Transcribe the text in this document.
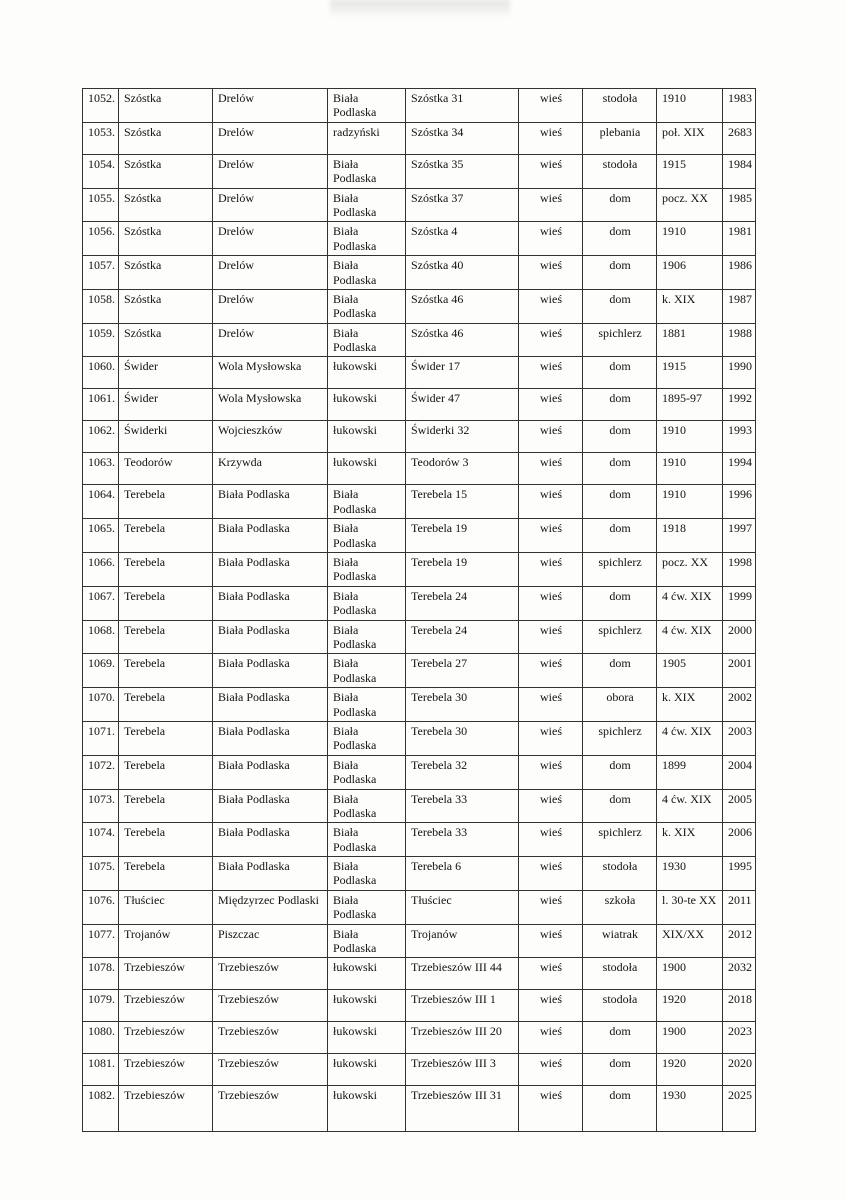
1052.	Szóstka	Drelów	Biała Podlaska	Szóstka 31	wieś	stodoła	1910	1983
1053.	Szóstka	Drelów	radzyński	Szóstka 34	wieś	plebania	poł. XIX	2683
1054.	Szóstka	Drelów	Biała Podlaska	Szóstka 35	wieś	stodoła	1915	1984
1055.	Szóstka	Drelów	Biała Podlaska	Szóstka 37	wieś	dom	pocz. XX	1985
1056.	Szóstka	Drelów	Biała Podlaska	Szóstka 4	wieś	dom	1910	1981
1057.	Szóstka	Drelów	Biała Podlaska	Szóstka 40	wieś	dom	1906	1986
1058.	Szóstka	Drelów	Biała Podlaska	Szóstka 46	wieś	dom	k. XIX	1987
1059.	Szóstka	Drelów	Biała Podlaska	Szóstka 46	wieś	spichlerz	1881	1988
1060.	Świder	Wola Mysłowska	łukowski	Świder 17	wieś	dom	1915	1990
1061.	Świder	Wola Mysłowska	łukowski	Świder 47	wieś	dom	1895-97	1992
1062.	Świderki	Wojcieszków	łukowski	Świderki 32	wieś	dom	1910	1993
1063.	Teodorów	Krzywda	łukowski	Teodorów 3	wieś	dom	1910	1994
1064.	Terebela	Biała Podlaska	Biała Podlaska	Terebela 15	wieś	dom	1910	1996
1065.	Terebela	Biała Podlaska	Biała Podlaska	Terebela 19	wieś	dom	1918	1997
1066.	Terebela	Biała Podlaska	Biała Podlaska	Terebela 19	wieś	spichlerz	pocz. XX	1998
1067.	Terebela	Biała Podlaska	Biała Podlaska	Terebela 24	wieś	dom	4 ćw. XIX	1999
1068.	Terebela	Biała Podlaska	Biała Podlaska	Terebela 24	wieś	spichlerz	4 ćw. XIX	2000
1069.	Terebela	Biała Podlaska	Biała Podlaska	Terebela 27	wieś	dom	1905	2001
1070.	Terebela	Biała Podlaska	Biała Podlaska	Terebela 30	wieś	obora	k. XIX	2002
1071.	Terebela	Biała Podlaska	Biała Podlaska	Terebela 30	wieś	spichlerz	4 ćw. XIX	2003
1072.	Terebela	Biała Podlaska	Biała Podlaska	Terebela 32	wieś	dom	1899	2004
1073.	Terebela	Biała Podlaska	Biała Podlaska	Terebela 33	wieś	dom	4 ćw. XIX	2005
1074.	Terebela	Biała Podlaska	Biała Podlaska	Terebela 33	wieś	spichlerz	k. XIX	2006
1075.	Terebela	Biała Podlaska	Biała Podlaska	Terebela 6	wieś	stodoła	1930	1995
1076.	Tłuściec	Międzyrzec Podlaski	Biała Podlaska	Tłuściec	wieś	szkoła	l. 30-te XX	2011
1077.	Trojanów	Piszczac	Biała Podlaska	Trojanów	wieś	wiatrak	XIX/XX	2012
1078.	Trzebieszów	Trzebieszów	łukowski	Trzebieszów III 44	wieś	stodoła	1900	2032
1079.	Trzebieszów	Trzebieszów	łukowski	Trzebieszów III 1	wieś	stodoła	1920	2018
1080.	Trzebieszów	Trzebieszów	łukowski	Trzebieszów III 20	wieś	dom	1900	2023
1081.	Trzebieszów	Trzebieszów	łukowski	Trzebieszów III 3	wieś	dom	1920	2020
1082.	Trzebieszów	Trzebieszów	łukowski	Trzebieszów III 31	wieś	dom	1930	2025
